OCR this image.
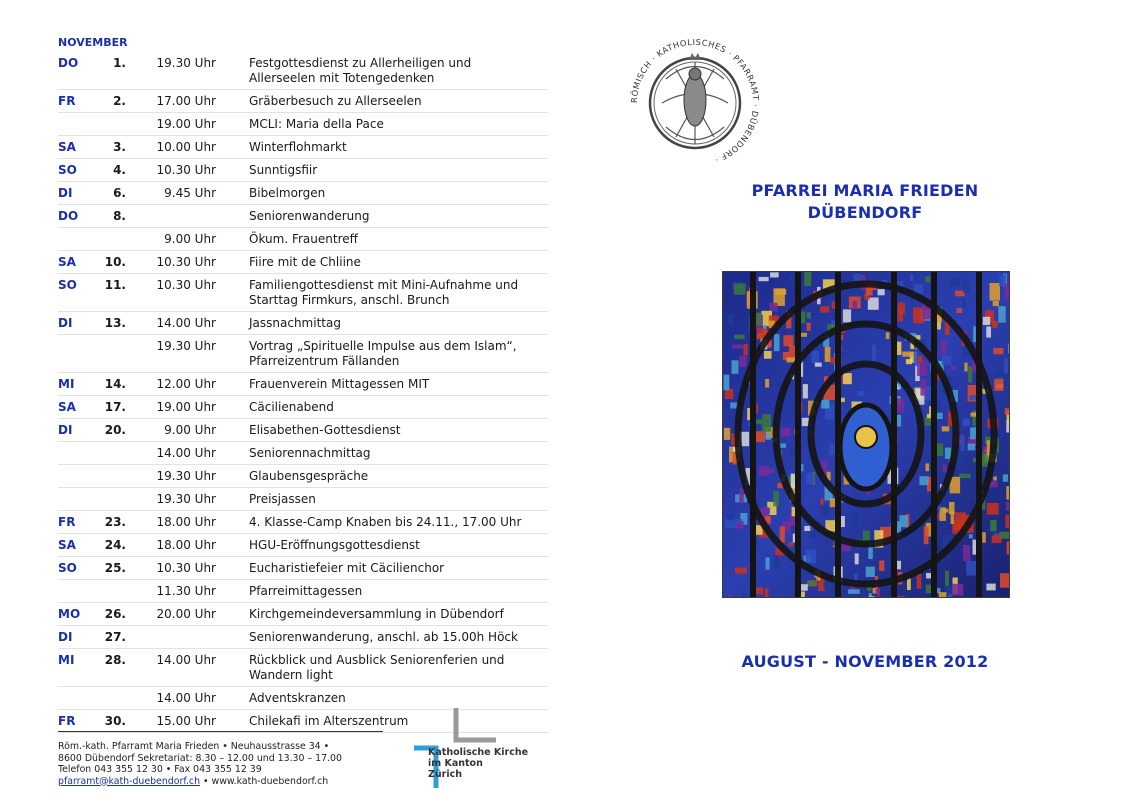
NOVEMBER
DO	1.	19.30 Uhr	Festgottesdienst zu Allerheiligen und
Allerseelen mit Totengedenken
FR	2.	17.00 Uhr	Gräberbesuch zu Allerseelen
19.00 Uhr	MCLI: Maria della Pace
SA	3.	10.00 Uhr	Winterflohmarkt
SO	4.	10.30 Uhr	Sunntigsfiir
DI	6.	9.45 Uhr	Bibelmorgen
DO	8.	Seniorenwanderung
9.00 Uhr	Ökum. Frauentreff
SA	10.	10.30 Uhr	Fiire mit de Chliine
SO	11.	10.30 Uhr	Familiengottesdienst mit Mini-Aufnahme und
Starttag Firmkurs, anschl. Brunch
DI	13.	14.00 Uhr	Jassnachmittag
19.30 Uhr	Vortrag „Spirituelle Impulse aus dem Islam“,
Pfarreizentrum Fällanden
MI	14.	12.00 Uhr	Frauenverein Mittagessen MIT
SA	17.	19.00 Uhr	Cäcilienabend
DI	20.	9.00 Uhr	Elisabethen-Gottesdienst
14.00 Uhr	Seniorennachmittag
19.30 Uhr	Glaubensgespräche
19.30 Uhr	Preisjassen
FR	23.	18.00 Uhr	4. Klasse-Camp Knaben bis 24.11., 17.00 Uhr
SA	24.	18.00 Uhr	HGU-Eröffnungsgottesdienst
SO	25.	10.30 Uhr	Eucharistiefeier mit Cäcilienchor
11.30 Uhr	Pfarreimittagessen
MO	26.	20.00 Uhr	Kirchgemeindeversammlung in Dübendorf
DI	27.	Seniorenwanderung, anschl. ab 15.00h Höck
MI	28.	14.00 Uhr	Rückblick und Ausblick Seniorenferien und
Wandern light
14.00 Uhr	Adventskranzen
FR	30.	15.00 Uhr	Chilekafi im Alterszentrum
Röm.-kath. Pfarramt Maria Frieden • Neuhausstrasse 34 •
8600 Dübendorf Sekretariat: 8.30 – 12.00 und 13.30 – 17.00
Telefon 043 355 12 30 • Fax 043 355 12 39
pfarramt@kath-duebendorf.ch • www.kath-duebendorf.ch
Katholische Kirche
im Kanton
Zürich
RÖMISCH · KATHOLISCHES · PFARRAMT · DÜBENDORF ·
PFARREI MARIA FRIEDEN
DÜBENDORF
AUGUST - NOVEMBER 2012
